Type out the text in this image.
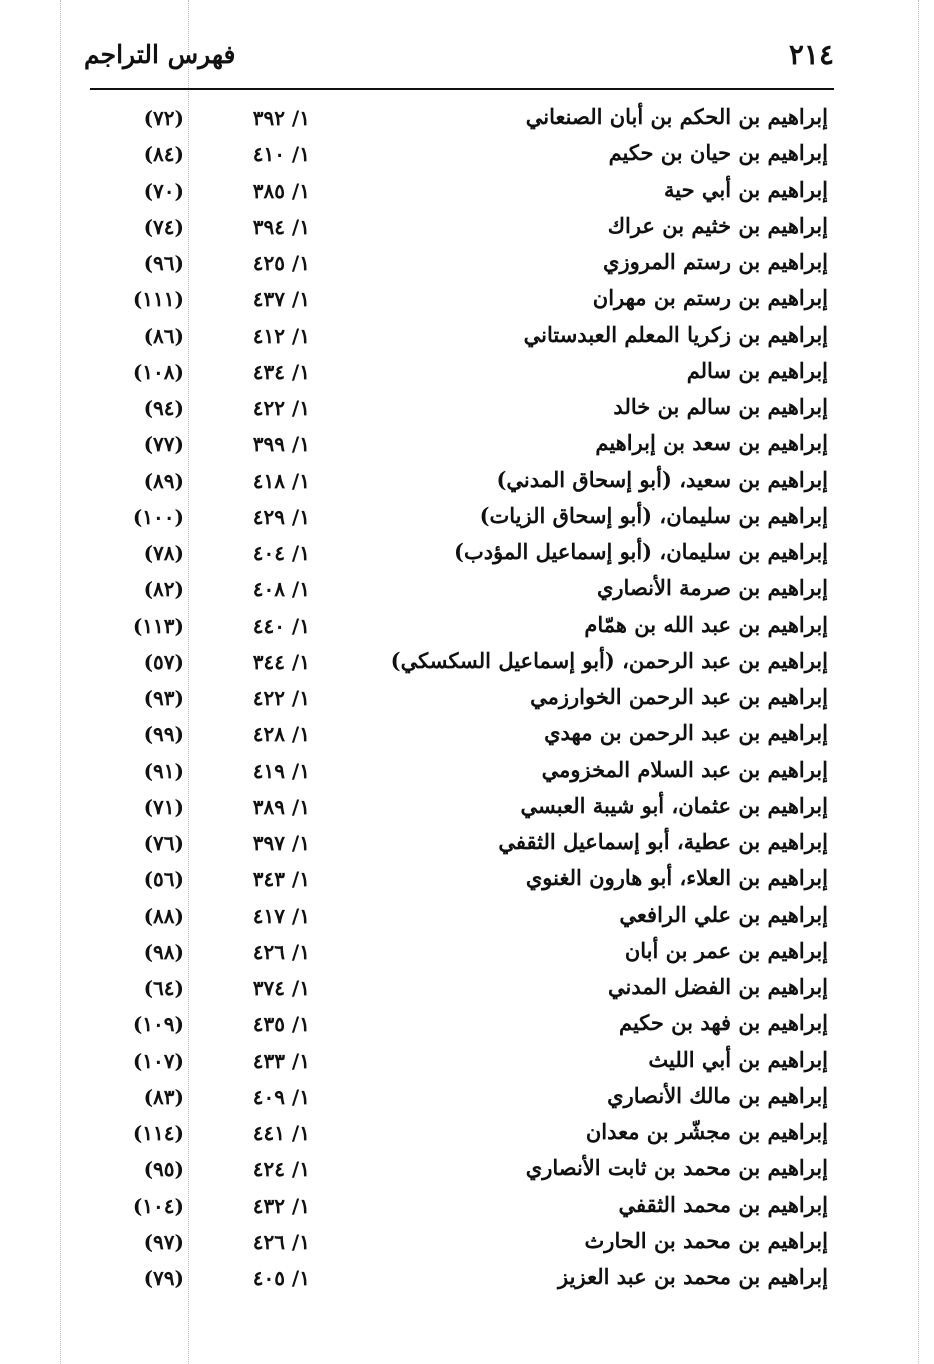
٢١٤
فهرس التراجم
إبراهيم بن الحكم بن أبان الصنعاني
١/ ٣٩٢
(٧٢)
إبراهيم بن حيان بن حكيم
١/ ٤١٠
(٨٤)
إبراهيم بن أبي حية
١/ ٣٨٥
(٧٠)
إبراهيم بن خثيم بن عراك
١/ ٣٩٤
(٧٤)
إبراهيم بن رستم المروزي
١/ ٤٢٥
(٩٦)
إبراهيم بن رستم بن مهران
١/ ٤٣٧
(١١١)
إبراهيم بن زكريا المعلم العبدستاني
١/ ٤١٢
(٨٦)
إبراهيم بن سالم
١/ ٤٣٤
(١٠٨)
إبراهيم بن سالم بن خالد
١/ ٤٢٢
(٩٤)
إبراهيم بن سعد بن إبراهيم
١/ ٣٩٩
(٧٧)
إبراهيم بن سعيد، (أبو إسحاق المدني)
١/ ٤١٨
(٨٩)
إبراهيم بن سليمان، (أبو إسحاق الزيات)
١/ ٤٢٩
(١٠٠)
إبراهيم بن سليمان، (أبو إسماعيل المؤدب)
١/ ٤٠٤
(٧٨)
إبراهيم بن صرمة الأنصاري
١/ ٤٠٨
(٨٢)
إبراهيم بن عبد الله بن همّام
١/ ٤٤٠
(١١٣)
إبراهيم بن عبد الرحمن، (أبو إسماعيل السكسكي)
١/ ٣٤٤
(٥٧)
إبراهيم بن عبد الرحمن الخوارزمي
١/ ٤٢٢
(٩٣)
إبراهيم بن عبد الرحمن بن مهدي
١/ ٤٢٨
(٩٩)
إبراهيم بن عبد السلام المخزومي
١/ ٤١٩
(٩١)
إبراهيم بن عثمان، أبو شيبة العبسي
١/ ٣٨٩
(٧١)
إبراهيم بن عطية، أبو إسماعيل الثقفي
١/ ٣٩٧
(٧٦)
إبراهيم بن العلاء، أبو هارون الغنوي
١/ ٣٤٣
(٥٦)
إبراهيم بن علي الرافعي
١/ ٤١٧
(٨٨)
إبراهيم بن عمر بن أبان
١/ ٤٢٦
(٩٨)
إبراهيم بن الفضل المدني
١/ ٣٧٤
(٦٤)
إبراهيم بن فهد بن حكيم
١/ ٤٣٥
(١٠٩)
إبراهيم بن أبي الليث
١/ ٤٣٣
(١٠٧)
إبراهيم بن مالك الأنصاري
١/ ٤٠٩
(٨٣)
إبراهيم بن مجشّر بن معدان
١/ ٤٤١
(١١٤)
إبراهيم بن محمد بن ثابت الأنصاري
١/ ٤٢٤
(٩٥)
إبراهيم بن محمد الثقفي
١/ ٤٣٢
(١٠٤)
إبراهيم بن محمد بن الحارث
١/ ٤٢٦
(٩٧)
إبراهيم بن محمد بن عبد العزيز
١/ ٤٠٥
(٧٩)
